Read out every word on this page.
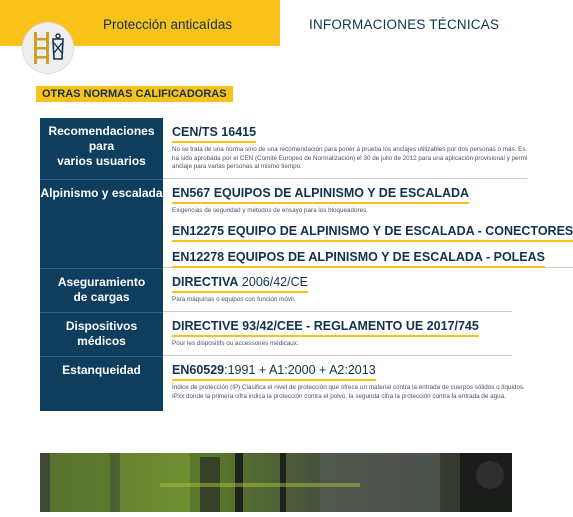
Protección anticaídas	INFORMACIONES TÉCNICAS
OTRAS NORMAS CALIFICADORAS
Recomendaciones para
varios usuarios
CEN/TS 16415
No se trata de una norma sino de una recomendación para poner a prueba los anclajes utilizables por dos personas o más. Es
ha sido aprobada por el CEN (Comité Europeo de Normalización) el 30 de julio de 2012 para una aplicación provisional y permi
anclaje para varias personas al mismo tiempo.
Alpinismo y escalada EN567 EQUIPOS DE ALPINISMO Y DE ESCALADA
Exigencias de seguridad y métodos de ensayo para los bloqueadores.
EN12275 EQUIPO DE ALPINISMO Y DE ESCALADA - CONECTORES
EN12278 EQUIPOS DE ALPINISMO Y DE ESCALADA - POLEAS
Aseguramiento
de cargas
DIRECTIVA 2006/42/CE
Para máquinas o equipos con función móvil.
Dispositivos médicos
DIRECTIVE 93/42/CEE - REGLAMENTO UE 2017/745
Pour les dispositifs ou accessoires médicaux.
Estanqueidad	EN60529:1991 + A1:2000 + A2:2013
Índice de protección (IP) Clasifica el nivel de protección que ofrece un material contra la entrada de cuerpos sólidos o líquidos.
IPxx donde la primera cifra indica la protección contra el polvo, la segunda cifra la protección contra la entrada de agua.
